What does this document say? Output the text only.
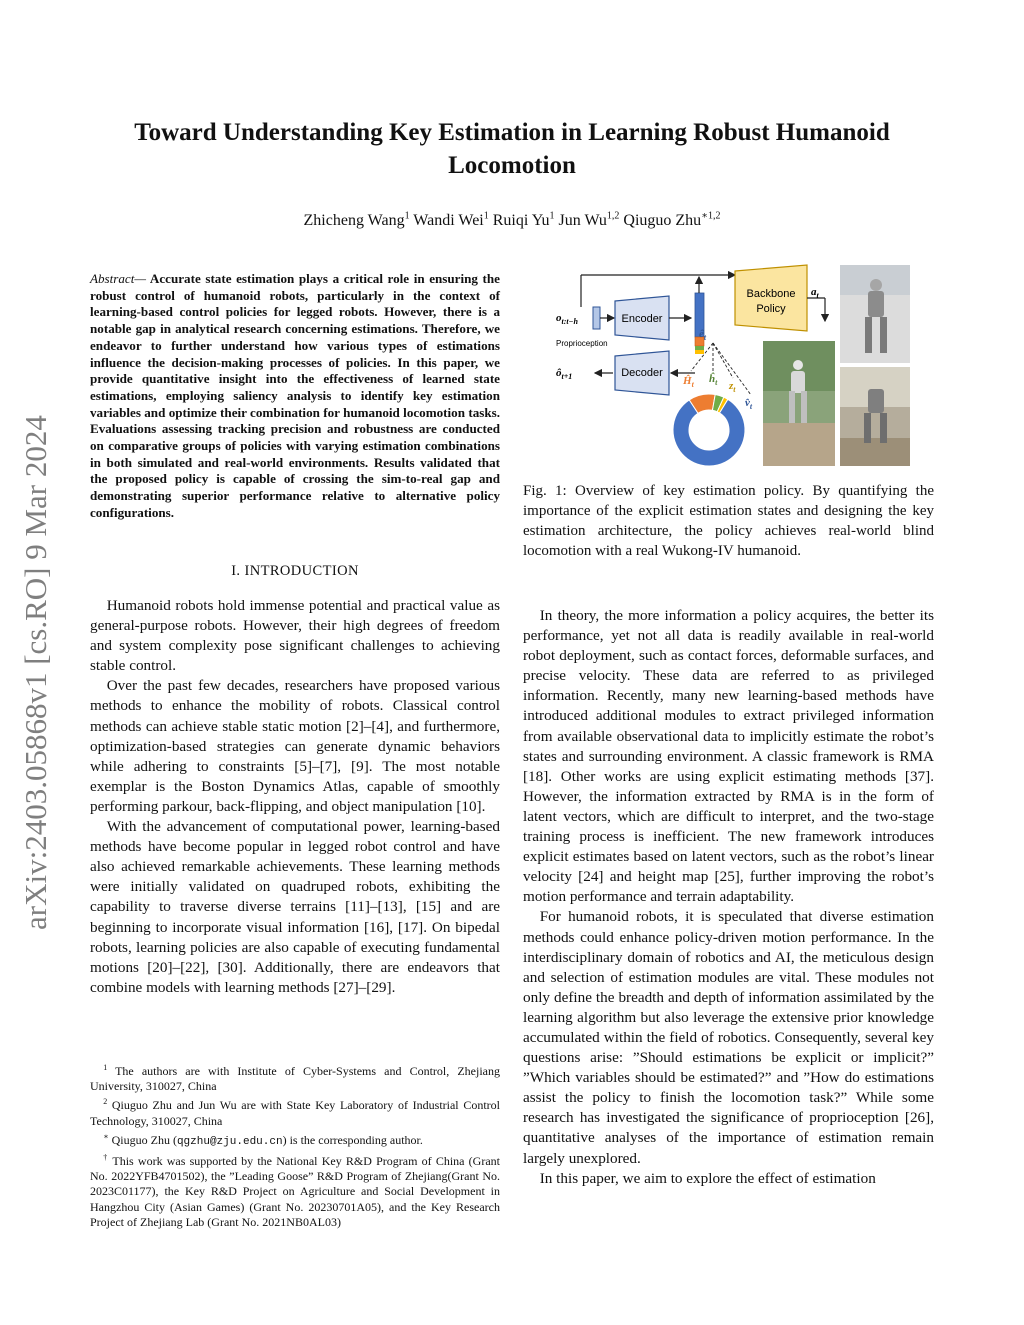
arXiv:2403.05868v1 [cs.RO] 9 Mar 2024
Toward Understanding Key Estimation in Learning Robust Humanoid Locomotion
Zhicheng Wang$^1$ Wandi Wei$^1$ Ruiqi Yu$^1$ Jun Wu$^{1,2}$ Qiuguo Zhu$^{∗1,2}$
Abstract— Accurate state estimation plays a critical role in ensuring the robust control of humanoid robots, particularly in the context of learning-based control policies for legged robots. However, there is a notable gap in analytical research concerning estimations. Therefore, we endeavor to further understand how various types of estimations influence the decision-making processes of policies. In this paper, we provide quantitative insight into the effectiveness of learned state estimations, employing saliency analysis to identify key estimation variables and optimize their combination for humanoid locomotion tasks. Evaluations assessing tracking precision and robustness are conducted on comparative groups of policies with varying estimation combinations in both simulated and real-world environments. Results validated that the proposed policy is capable of crossing the sim-to-real gap and demonstrating superior performance relative to alternative policy configurations.
I. INTRODUCTION

Humanoid robots hold immense potential and practical value as general-purpose robots. However, their high degrees of freedom and system complexity pose significant challenges to achieving stable control.

Over the past few decades, researchers have proposed various methods to enhance the mobility of robots. Classical control methods can achieve stable static motion [2]–[4], and furthermore, optimization-based strategies can generate dynamic behaviors while adhering to constraints [5]–[7], [9]. The most notable exemplar is the Boston Dynamics Atlas, capable of smoothly performing parkour, back-flipping, and object manipulation [10].

With the advancement of computational power, learning-based methods have become popular in legged robot control and have also achieved remarkable achievements. These learning methods were initially validated on quadruped robots, exhibiting the capability to traverse diverse terrains [11]–[13], [15] and are beginning to incorporate visual information [16], [17]. On bipedal robots, learning policies are also capable of executing fundamental motions [20]–[22], [30]. Additionally, there are endeavors that combine models with learning methods [27]–[29].

$^1$ The authors are with Institute of Cyber-Systems and Control, Zhejiang University, 310027, China

$^2$ Qiuguo Zhu and Jun Wu are with State Key Laboratory of Industrial Control Technology, 310027, China

∗ Qiuguo Zhu (qgzhu@zju.edu.cn) is the corresponding author.

† This work was supported by the National Key R&D Program of China (Grant No. 2022YFB4701502), the ”Leading Goose” R&D Program of Zhejiang(Grant No. 2023C01177), the Key R&D Project on Agriculture and Social Development in Hangzhou City (Asian Games) (Grant No. 20230701A05), and the Key Research Project of Zhejiang Lab (Grant No. 2021NB0AL03)

$o_{t:t-h}$
Proprioception
$ô_{t+1}$
Encoder
Decoder
$ê_t$
Backbone
Policy
$a_t$
$Ĥ_t$ $ĥ_t$ $z_t$
$v̂_t$
Fig. 1: Overview of key estimation policy. By quantifying the importance of the explicit estimation states and designing the key estimation architecture, the policy achieves real-world blind locomotion with a real Wukong-IV humanoid.

In theory, the more information a policy acquires, the better its performance, yet not all data is readily available in real-world robot deployment, such as contact forces, deformable surfaces, and precise velocity. These data are referred to as privileged information. Recently, many new learning-based methods have introduced additional modules to extract privileged information from available observational data to implicitly estimate the robot’s states and surrounding environment. A classic framework is RMA [18]. Other works are using explicit estimating methods [37]. However, the information extracted by RMA is in the form of latent vectors, which are difficult to interpret, and the two-stage training process is inefficient. The new framework introduces explicit estimates based on latent vectors, such as the robot’s linear velocity [24] and height map [25], further improving the robot’s motion performance and terrain adaptability.

For humanoid robots, it is speculated that diverse estimation methods could enhance policy-driven motion performance. In the interdisciplinary domain of robotics and AI, the meticulous design and selection of estimation modules are vital. These modules not only define the breadth and depth of information assimilated by the learning algorithm but also leverage the extensive prior knowledge accumulated within the field of robotics. Consequently, several key questions arise: ”Should estimations be explicit or implicit?” ”Which variables should be estimated?” and ”How do estimations assist the policy to finish the locomotion task?” While some research has investigated the significance of proprioception [26], quantitative analyses of the importance of estimation remain largely unexplored.

In this paper, we aim to explore the effect of estimation
